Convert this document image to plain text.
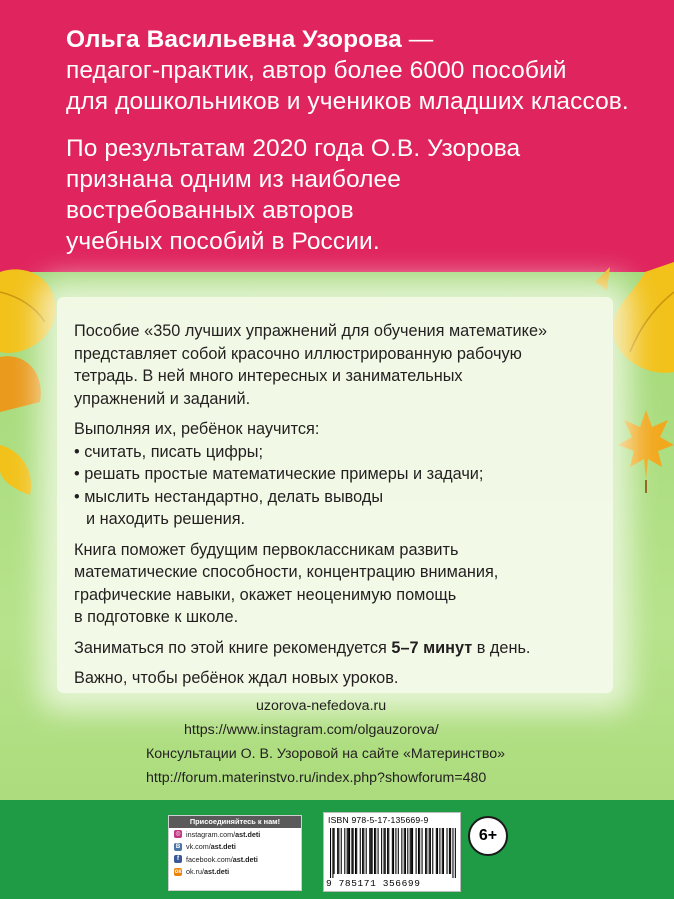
Ольга Васильевна Узорова —

педагог-практик, автор более 6000 пособий

для дошкольников и учеников младших классов.

По результатам 2020 года О.В. Узорова

признана одним из наиболее

востребованных авторов

учебных пособий в России.

Пособие «350 лучших упражнений для обучения математике»
представляет собой красочно иллюстрированную рабочую
тетрадь. В ней много интересных и занимательных
упражнений и заданий.
Выполняя их, ребёнок научится:
• считать, писать цифры;
• решать простые математические примеры и задачи;
• мыслить нестандартно, делать выводы
и находить решения.
Книга поможет будущим первоклассникам развить
математические способности, концентрацию внимания,
графические навыки, окажет неоценимую помощь
в подготовке к школе.
Заниматься по этой книге рекомендуется 5–7 минут в день.
Важно, чтобы ребёнок ждал новых уроков.
uzorova-nefedova.ru
https://www.instagram.com/olgauzorova/
Консультации О. В. Узоровой на сайте «Материнство»
http://forum.materinstvo.ru/index.php?showforum=480
Присоединяйтесь к нам!
◎ instagram.com/ ast.deti
В vk.com/ ast.deti
f facebook.com/ ast.deti
ок ok.ru/ ast.deti
ISBN 978-5-17-135669-9
9 785171 356699
6+
